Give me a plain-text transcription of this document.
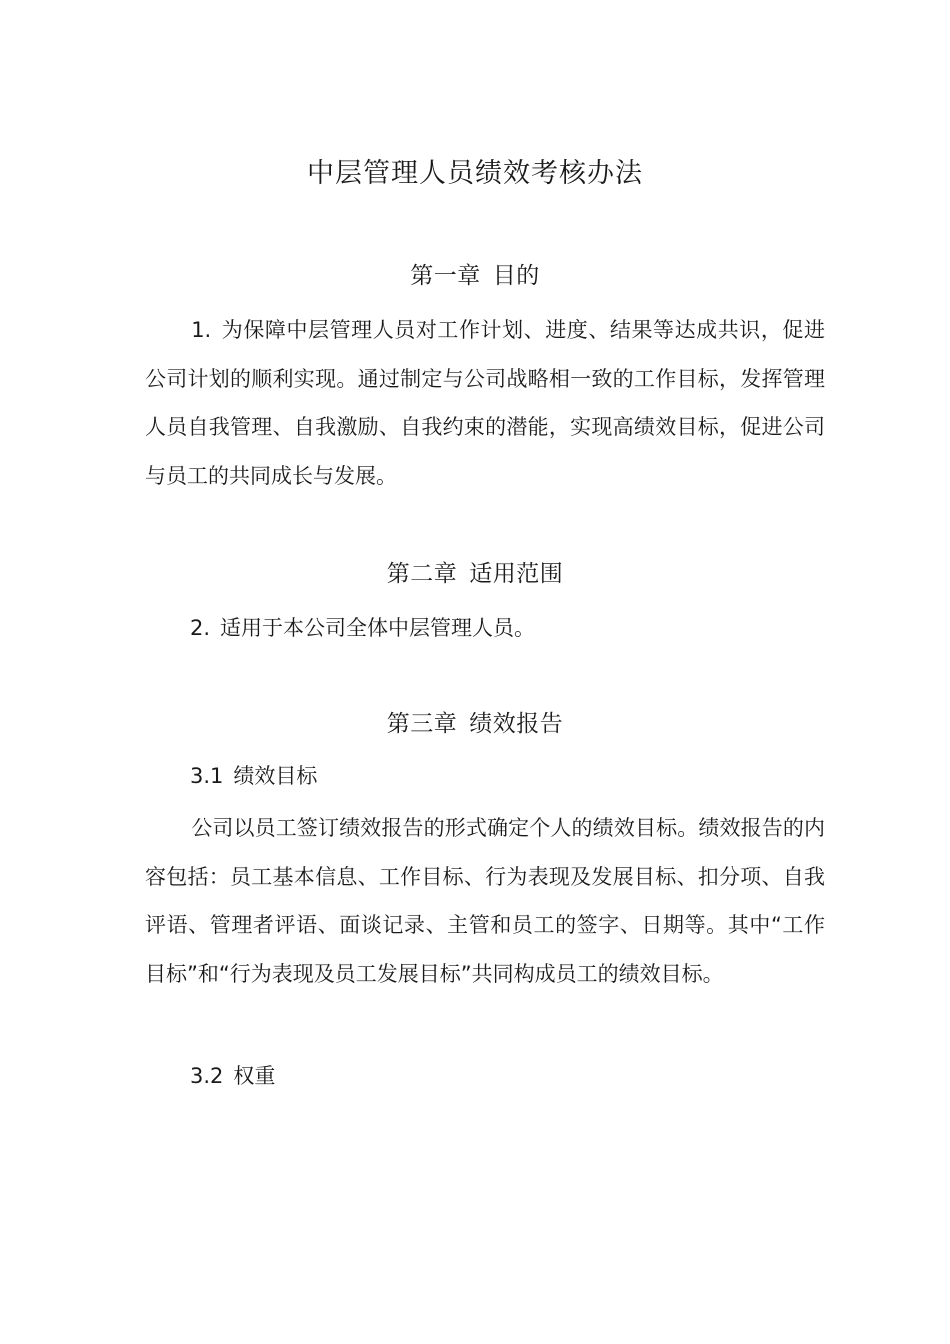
中层管理人员绩效考核办法
第一章 目的

1. 为保障中层管理人员对工作计划、进度、结果等达成共识，促进公司计划的顺利实现。通过制定与公司战略相一致的工作目标，发挥管理人员自我管理、自我激励、自我约束的潜能，实现高绩效目标，促进公司与员工的共同成长与发展。

第二章 适用范围

2. 适用于本公司全体中层管理人员。

第三章 绩效报告

3.1 绩效目标

公司以员工签订绩效报告的形式确定个人的绩效目标。绩效报告的内容包括：员工基本信息、工作目标、行为表现及发展目标、扣分项、自我评语、管理者评语、面谈记录、主管和员工的签字、日期等。其中“工作目标”和“行为表现及员工发展目标”共同构成员工的绩效目标。

3.2 权重
